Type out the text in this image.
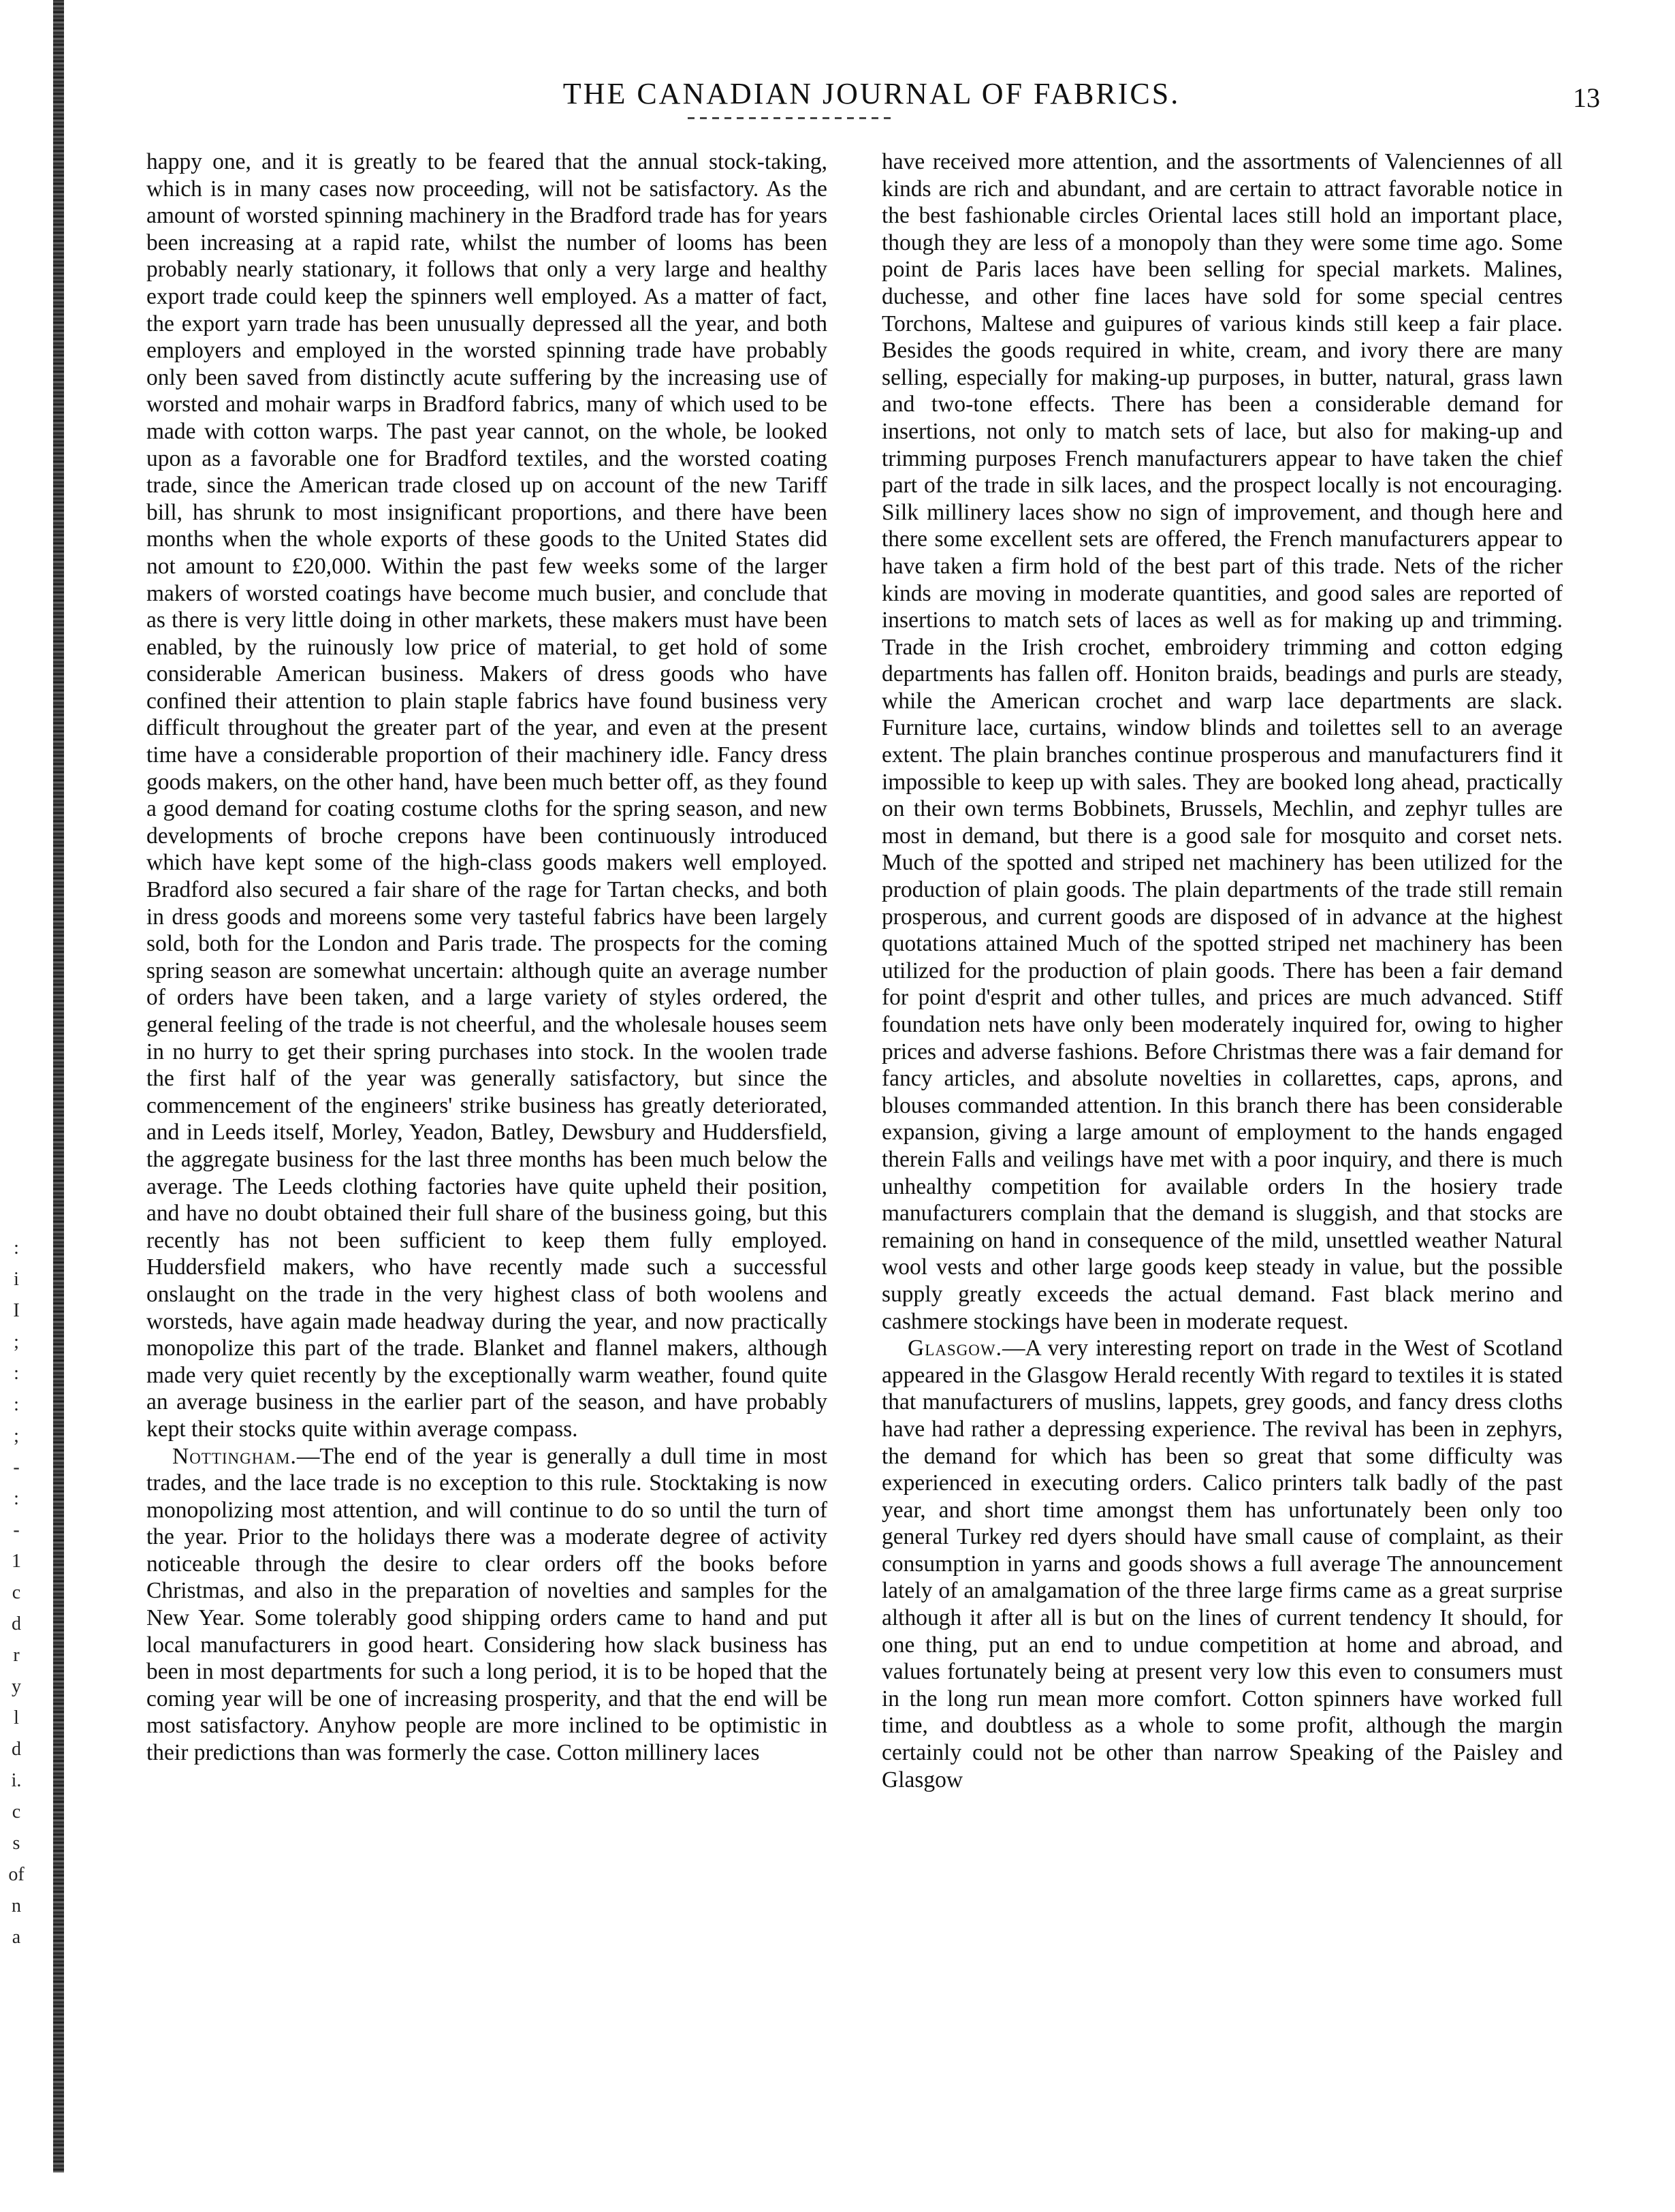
:
i
I
;
:
:
;
-
:
-
1
c
d
r
y
l
d
i.
c
s
of
n
a
THE CANADIAN JOURNAL OF FABRICS.	13

happy one, and it is greatly to be feared that the annual stock-taking, which is in many cases now proceeding, will not be satisfactory. As the amount of worsted spinning machinery in the Bradford trade has for years been increasing at a rapid rate, whilst the number of looms has been probably nearly stationary, it follows that only a very large and healthy export trade could keep the spinners well employed. As a matter of fact, the export yarn trade has been unusually depressed all the year, and both employers and employed in the worsted spinning trade have probably only been saved from distinctly acute suffering by the increasing use of worsted and mohair warps in Bradford fabrics, many of which used to be made with cotton warps. The past year cannot, on the whole, be looked upon as a favorable one for Bradford textiles, and the worsted coating trade, since the American trade closed up on account of the new Tariff bill, has shrunk to most insignificant proportions, and there have been months when the whole exports of these goods to the United States did not amount to £20,000. Within the past few weeks some of the larger makers of worsted coatings have become much busier, and conclude that as there is very little doing in other markets, these makers must have been enabled, by the ruinously low price of material, to get hold of some considerable American business. Makers of dress goods who have confined their attention to plain staple fabrics have found business very difficult throughout the greater part of the year, and even at the present time have a considerable proportion of their machinery idle. Fancy dress goods makers, on the other hand, have been much better off, as they found a good demand for coating costume cloths for the spring season, and new developments of broche crepons have been continuously introduced which have kept some of the high-class goods makers well employed. Bradford also secured a fair share of the rage for Tartan checks, and both in dress goods and moreens some very tasteful fabrics have been largely sold, both for the London and Paris trade. The prospects for the coming spring season are somewhat uncertain: although quite an average number of orders have been taken, and a large variety of styles ordered, the general feeling of the trade is not cheerful, and the wholesale houses seem in no hurry to get their spring purchases into stock. In the woolen trade the first half of the year was generally satisfactory, but since the commencement of the engineers' strike business has greatly deteriorated, and in Leeds itself, Morley, Yeadon, Batley, Dewsbury and Huddersfield, the aggregate business for the last three months has been much below the average. The Leeds clothing factories have quite upheld their position, and have no doubt obtained their full share of the business going, but this recently has not been sufficient to keep them fully employed. Huddersfield makers, who have recently made such a successful onslaught on the trade in the very highest class of both woolens and worsteds, have again made headway during the year, and now practically monopolize this part of the trade. Blanket and flannel makers, although made very quiet recently by the exceptionally warm weather, found quite an average business in the earlier part of the season, and have probably kept their stocks quite within average compass.

Nottingham.—The end of the year is generally a dull time in most trades, and the lace trade is no exception to this rule. Stocktaking is now monopolizing most attention, and will continue to do so until the turn of the year. Prior to the holidays there was a moderate degree of activity noticeable through the desire to clear orders off the books before Christmas, and also in the preparation of novelties and samples for the New Year. Some tolerably good shipping orders came to hand and put local manufacturers in good heart. Considering how slack business has been in most departments for such a long period, it is to be hoped that the coming year will be one of increasing prosperity, and that the end will be most satisfactory. Anyhow people are more inclined to be optimistic in their predictions than was formerly the case. Cotton millinery laces

have received more attention, and the assortments of Valenciennes of all kinds are rich and abundant, and are certain to attract favorable notice in the best fashionable circles Oriental laces still hold an important place, though they are less of a monopoly than they were some time ago. Some point de Paris laces have been selling for special markets. Malines, duchesse, and other fine laces have sold for some special centres Torchons, Maltese and guipures of various kinds still keep a fair place. Besides the goods required in white, cream, and ivory there are many selling, especially for making-up purposes, in butter, natural, grass lawn and two-tone effects. There has been a considerable demand for insertions, not only to match sets of lace, but also for making-up and trimming purposes French manufacturers appear to have taken the chief part of the trade in silk laces, and the prospect locally is not encouraging. Silk millinery laces show no sign of improvement, and though here and there some excellent sets are offered, the French manufacturers appear to have taken a firm hold of the best part of this trade. Nets of the richer kinds are moving in moderate quantities, and good sales are reported of insertions to match sets of laces as well as for making up and trimming. Trade in the Irish crochet, embroidery trimming and cotton edging departments has fallen off. Honiton braids, beadings and purls are steady, while the American crochet and warp lace departments are slack. Furniture lace, curtains, window blinds and toilettes sell to an average extent. The plain branches continue prosperous and manufacturers find it impossible to keep up with sales. They are booked long ahead, practically on their own terms Bobbinets, Brussels, Mechlin, and zephyr tulles are most in demand, but there is a good sale for mosquito and corset nets. Much of the spotted and striped net machinery has been utilized for the production of plain goods. The plain departments of the trade still remain prosperous, and current goods are disposed of in advance at the highest quotations attained Much of the spotted striped net machinery has been utilized for the production of plain goods. There has been a fair demand for point d'esprit and other tulles, and prices are much advanced. Stiff foundation nets have only been moderately inquired for, owing to higher prices and adverse fashions. Before Christmas there was a fair demand for fancy articles, and absolute novelties in collarettes, caps, aprons, and blouses commanded attention. In this branch there has been considerable expansion, giving a large amount of employment to the hands engaged therein Falls and veilings have met with a poor inquiry, and there is much unhealthy competition for available orders In the hosiery trade manufacturers complain that the demand is sluggish, and that stocks are remaining on hand in consequence of the mild, unsettled weather Natural wool vests and other large goods keep steady in value, but the possible supply greatly exceeds the actual demand. Fast black merino and cashmere stockings have been in moderate request.

Glasgow.—A very interesting report on trade in the West of Scotland appeared in the Glasgow Herald recently With regard to textiles it is stated that manufacturers of muslins, lappets, grey goods, and fancy dress cloths have had rather a depressing experience. The revival has been in zephyrs, the demand for which has been so great that some difficulty was experienced in executing orders. Calico printers talk badly of the past year, and short time amongst them has unfortunately been only too general Turkey red dyers should have small cause of complaint, as their consumption in yarns and goods shows a full average The announcement lately of an amalgamation of the three large firms came as a great surprise although it after all is but on the lines of current tendency It should, for one thing, put an end to undue competition at home and abroad, and values fortunately being at present very low this even to consumers must in the long run mean more comfort. Cotton spinners have worked full time, and doubtless as a whole to some profit, although the margin certainly could not be other than narrow Speaking of the Paisley and Glasgow
